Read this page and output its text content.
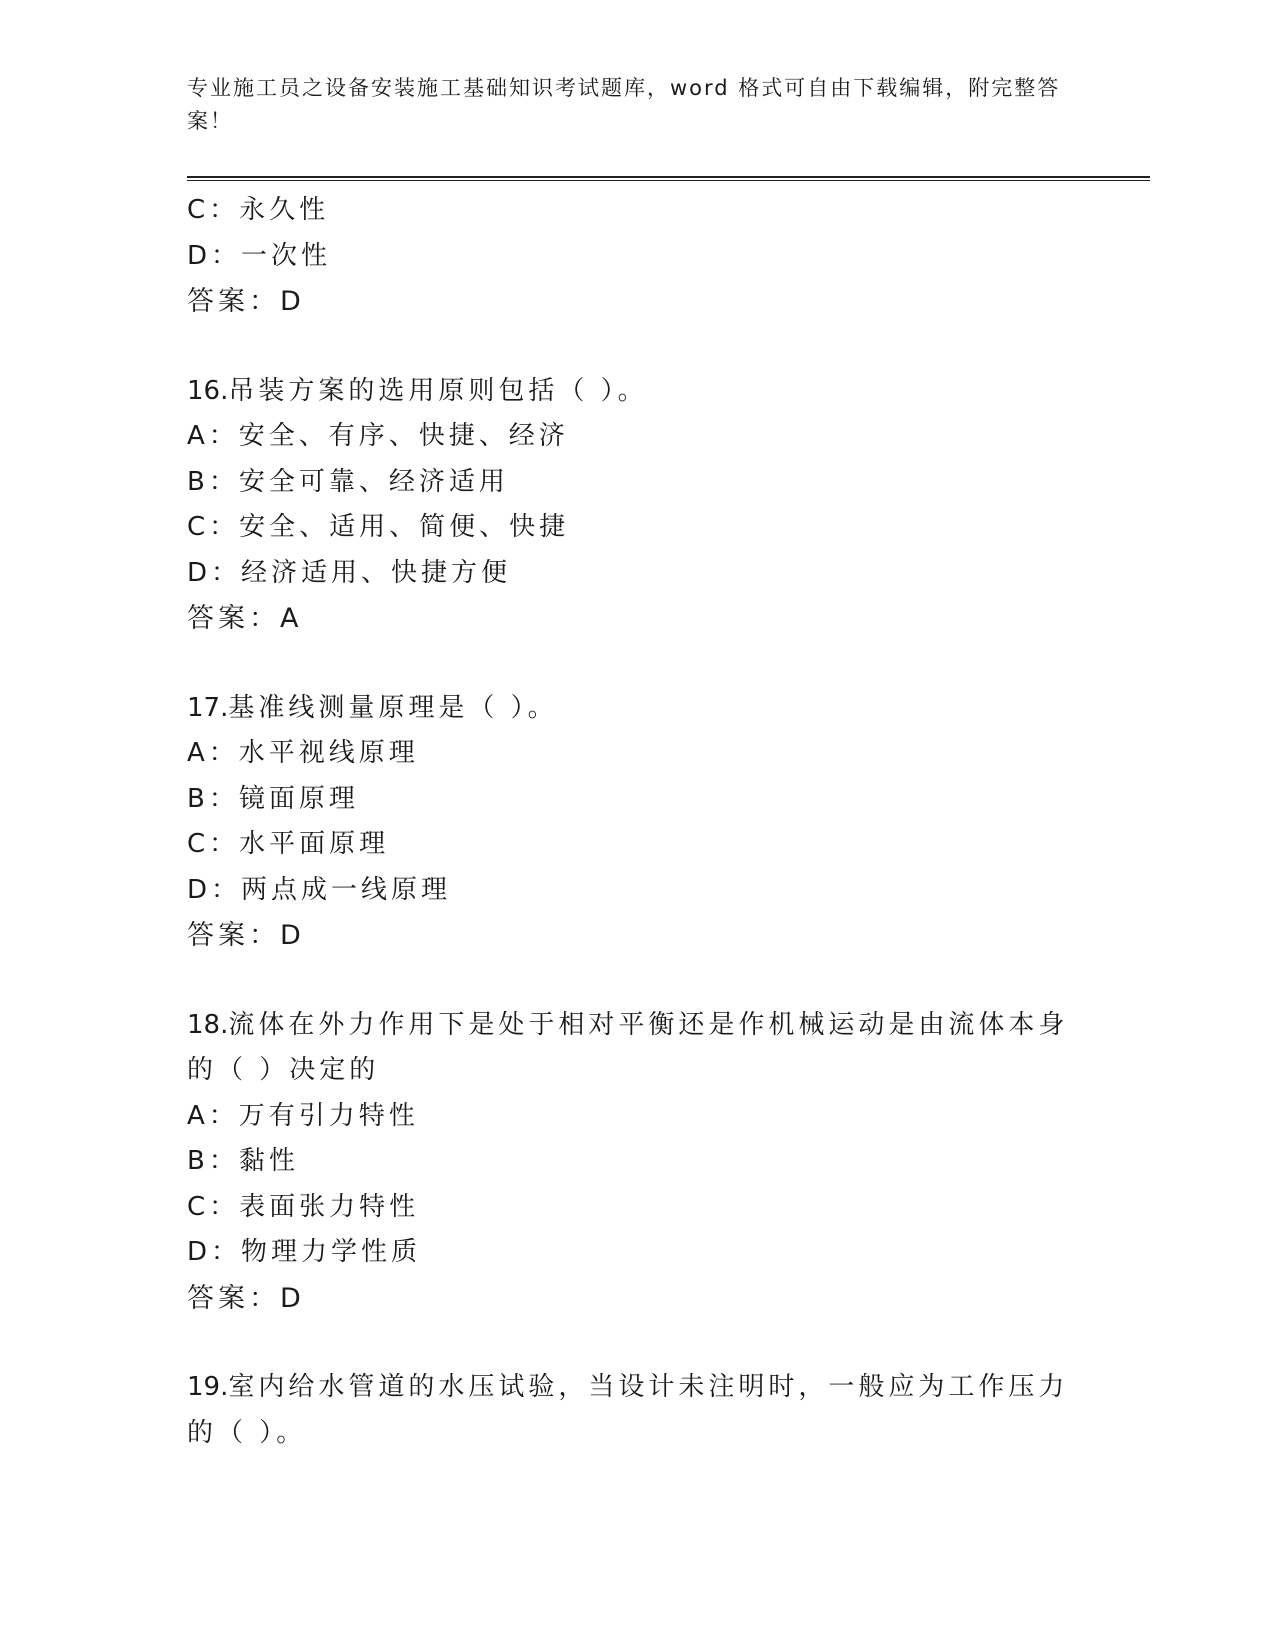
专业施工员之设备安装施工基础知识考试题库，word 格式可自由下载编辑，附完整答案！
C：永久性
D：一次性
答案：D
16.吊装方案的选用原则包括（ ）。
A：安全、有序、快捷、经济
B：安全可靠、经济适用
C：安全、适用、简便、快捷
D：经济适用、快捷方便
答案：A
17.基准线测量原理是（ ）。
A：水平视线原理
B：镜面原理
C：水平面原理
D：两点成一线原理
答案：D
18.流体在外力作用下是处于相对平衡还是作机械运动是由流体本身的（ ）决定的
A：万有引力特性
B：黏性
C：表面张力特性
D：物理力学性质
答案：D
19.室内给水管道的水压试验，当设计未注明时，一般应为工作压力的（ ）。
